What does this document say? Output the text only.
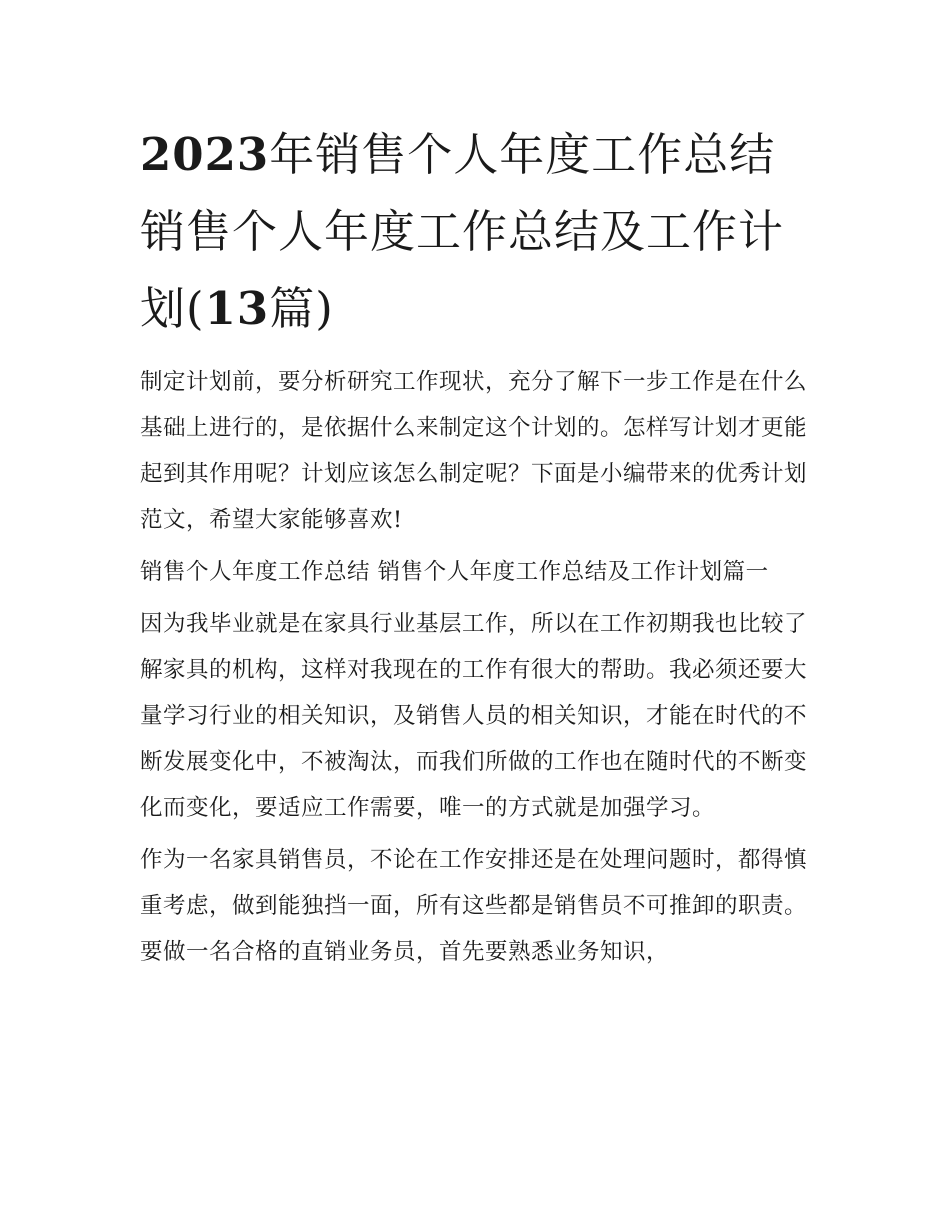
2023年销售个人年度工作总结销售个人年度工作总结及工作计划(13篇)

制定计划前，要分析研究工作现状，充分了解下一步工作是在什么基础上进行的，是依据什么来制定这个计划的。怎样写计划才更能起到其作用呢？计划应该怎么制定呢？下面是小编带来的优秀计划范文，希望大家能够喜欢!

销售个人年度工作总结 销售个人年度工作总结及工作计划篇一

因为我毕业就是在家具行业基层工作，所以在工作初期我也比较了解家具的机构，这样对我现在的工作有很大的帮助。我必须还要大量学习行业的相关知识，及销售人员的相关知识，才能在时代的不断发展变化中，不被淘汰，而我们所做的工作也在随时代的不断变化而变化，要适应工作需要，唯一的方式就是加强学习。

作为一名家具销售员，不论在工作安排还是在处理问题时，都得慎重考虑，做到能独挡一面，所有这些都是销售员不可推卸的职责。要做一名合格的直销业务员，首先要熟悉业务知识，
